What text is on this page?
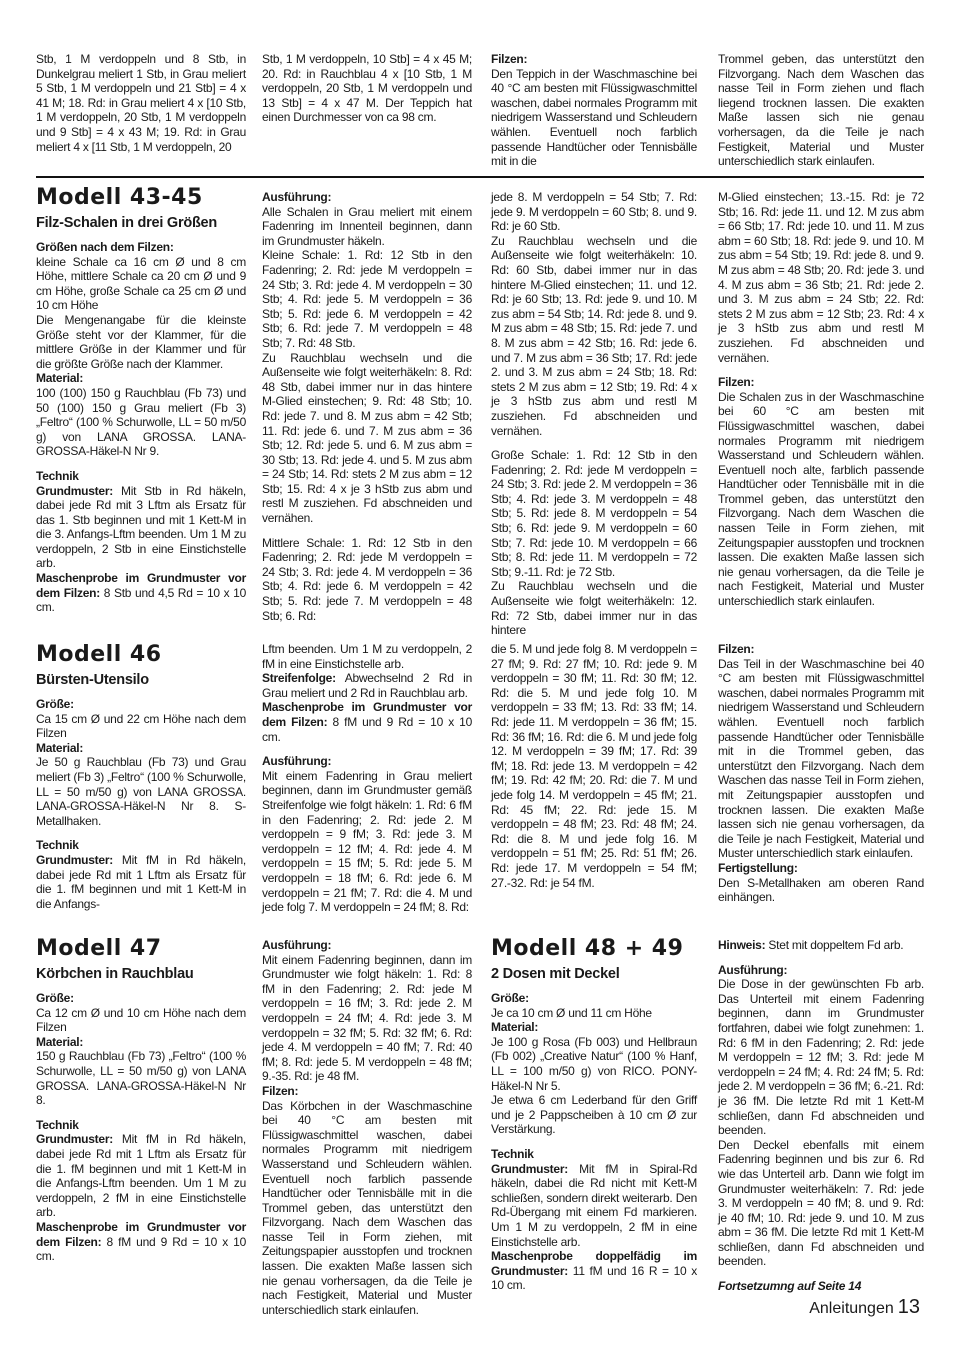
Stb, 1 M verdoppeln und 8 Stb, in Dunkelgrau meliert 1 Stb, in Grau meliert 5 Stb, 1 M verdoppeln und 21 Stb] = 4 x 41 M; 18. Rd: in Grau meliert 4 x [10 Stb, 1 M verdoppeln, 20 Stb, 1 M verdoppeln und 9 Stb] = 4 x 43 M; 19. Rd: in Grau meliert 4 x [11 Stb, 1 M verdoppeln, 20

Stb, 1 M verdoppeln, 10 Stb] = 4 x 45 M; 20. Rd: in Rauchblau 4 x [10 Stb, 1 M verdoppeln, 20 Stb, 1 M verdoppeln und 13 Stb] = 4 x 47 M. Der Teppich hat einen Durchmesser von ca 98 cm.

Filzen:

Den Teppich in der Waschmaschine bei 40 °C am besten mit Flüssigwaschmittel waschen, dabei normales Programm mit niedrigem Wasserstand und Schleudern wählen. Eventuell noch farblich passende Handtücher oder Tennisbälle mit in die

Trommel geben, das unterstützt den Filzvorgang. Nach dem Waschen das nasse Teil in Form ziehen und flach liegend trocknen lassen. Die exakten Maße lassen sich nie genau vorhersagen, da die Teile je nach Festigkeit, Material und Muster unterschiedlich stark einlaufen.

Modell 43-45
Filz-Schalen in drei Größen

Größen nach dem Filzen:

kleine Schale ca 16 cm Ø und 8 cm Höhe, mittlere Schale ca 20 cm Ø und 9 cm Höhe, große Schale ca 25 cm Ø und 10 cm Höhe

Die Mengenangabe für die kleinste Größe steht vor der Klammer, für die mittlere Größe in der Klammer und für die größte Größe nach der Klammer.

Material:

100 (100) 150 g Rauchblau (Fb 73) und 50 (100) 150 g Grau meliert (Fb 3) „Feltro“ (100 % Schurwolle, LL = 50 m/50 g) von LANA GROSSA. LANA-GROSSA-Häkel-N Nr 9.

Technik

Grundmuster: Mit Stb in Rd häkeln, dabei jede Rd mit 3 Lftm als Ersatz für das 1. Stb beginnen und mit 1 Kett-M in die 3. Anfangs-Lftm beenden. Um 1 M zu verdoppeln, 2 Stb in eine Einstichstelle arb.

Maschenprobe im Grundmuster vor dem Filzen: 8 Stb und 4,5 Rd = 10 x 10 cm.

Ausführung:

Alle Schalen in Grau meliert mit einem Fadenring im Innenteil beginnen, dann im Grundmuster häkeln.

Kleine Schale: 1. Rd: 12 Stb in den Fadenring; 2. Rd: jede M verdoppeln = 24 Stb; 3. Rd: jede 4. M verdoppeln = 30 Stb; 4. Rd: jede 5. M verdoppeln = 36 Stb; 5. Rd: jede 6. M verdoppeln = 42 Stb; 6. Rd: jede 7. M verdoppeln = 48 Stb; 7. Rd: 48 Stb.

Zu Rauchblau wechseln und die Außenseite wie folgt weiterhäkeln: 8. Rd: 48 Stb, dabei immer nur in das hintere M-Glied einstechen; 9. Rd: 48 Stb; 10. Rd: jede 7. und 8. M zus abm = 42 Stb; 11. Rd: jede 6. und 7. M zus abm = 36 Stb; 12. Rd: jede 5. und 6. M zus abm = 30 Stb; 13. Rd: jede 4. und 5. M zus abm = 24 Stb; 14. Rd: stets 2 M zus abm = 12 Stb; 15. Rd: 4 x je 3 hStb zus abm und restl M zusziehen. Fd abschneiden und vernähen.

Mittlere Schale: 1. Rd: 12 Stb in den Fadenring; 2. Rd: jede M verdoppeln = 24 Stb; 3. Rd: jede 4. M verdoppeln = 36 Stb; 4. Rd: jede 6. M verdoppeln = 42 Stb; 5. Rd: jede 7. M verdoppeln = 48 Stb; 6. Rd:

jede 8. M verdoppeln = 54 Stb; 7. Rd: jede 9. M verdoppeln = 60 Stb; 8. und 9. Rd: je 60 Stb.

Zu Rauchblau wechseln und die Außenseite wie folgt weiterhäkeln: 10. Rd: 60 Stb, dabei immer nur in das hintere M-Glied einstechen; 11. und 12. Rd: je 60 Stb; 13. Rd: jede 9. und 10. M zus abm = 54 Stb; 14. Rd: jede 8. und 9. M zus abm = 48 Stb; 15. Rd: jede 7. und 8. M zus abm = 42 Stb; 16. Rd: jede 6. und 7. M zus abm = 36 Stb; 17. Rd: jede 2. und 3. M zus abm = 24 Stb; 18. Rd: stets 2 M zus abm = 12 Stb; 19. Rd: 4 x je 3 hStb zus abm und restl M zusziehen. Fd abschneiden und vernähen.

Große Schale: 1. Rd: 12 Stb in den Fadenring; 2. Rd: jede M verdoppeln = 24 Stb; 3. Rd: jede 2. M verdoppeln = 36 Stb; 4. Rd: jede 3. M verdoppeln = 48 Stb; 5. Rd: jede 8. M verdoppeln = 54 Stb; 6. Rd: jede 9. M verdoppeln = 60 Stb; 7. Rd: jede 10. M verdoppeln = 66 Stb; 8. Rd: jede 11. M verdoppeln = 72 Stb; 9.-11. Rd: je 72 Stb.

Zu Rauchblau wechseln und die Außenseite wie folgt weiterhäkeln: 12. Rd: 72 Stb, dabei immer nur in das hintere

M-Glied einstechen; 13.-15. Rd: je 72 Stb; 16. Rd: jede 11. und 12. M zus abm = 66 Stb; 17. Rd: jede 10. und 11. M zus abm = 60 Stb; 18. Rd: jede 9. und 10. M zus abm = 54 Stb; 19. Rd: jede 8. und 9. M zus abm = 48 Stb; 20. Rd: jede 3. und 4. M zus abm = 36 Stb; 21. Rd: jede 2. und 3. M zus abm = 24 Stb; 22. Rd: stets 2 M zus abm = 12 Stb; 23. Rd: 4 x je 3 hStb zus abm und restl M zusziehen. Fd abschneiden und vernähen.

Filzen:

Die Schalen zus in der Waschmaschine bei 60 °C am besten mit Flüssigwaschmittel waschen, dabei normales Programm mit niedrigem Wasserstand und Schleudern wählen. Eventuell noch alte, farblich passende Handtücher oder Tennisbälle mit in die Trommel geben, das unterstützt den Filzvorgang. Nach dem Waschen die nassen Teile in Form ziehen, mit Zeitungspapier ausstopfen und trocknen lassen. Die exakten Maße lassen sich nie genau vorhersagen, da die Teile je nach Festigkeit, Material und Muster unterschiedlich stark einlaufen.

Modell 46
Bürsten-Utensilo

Größe:

Ca 15 cm Ø und 22 cm Höhe nach dem Filzen

Material:

Je 50 g Rauchblau (Fb 73) und Grau meliert (Fb 3) „Feltro“ (100 % Schurwolle, LL = 50 m/50 g) von LANA GROSSA. LANA-GROSSA-Häkel-N Nr 8. S-Metallhaken.

Technik

Grundmuster: Mit fM in Rd häkeln, dabei jede Rd mit 1 Lftm als Ersatz für die 1. fM beginnen und mit 1 Kett-M in die Anfangs-

Lftm beenden. Um 1 M zu verdoppeln, 2 fM in eine Einstichstelle arb.

Streifenfolge: Abwechselnd 2 Rd in Grau meliert und 2 Rd in Rauchblau arb.

Maschenprobe im Grundmuster vor dem Filzen: 8 fM und 9 Rd = 10 x 10 cm.

Ausführung:

Mit einem Fadenring in Grau meliert beginnen, dann im Grundmuster gemäß Streifenfolge wie folgt häkeln: 1. Rd: 6 fM in den Fadenring; 2. Rd: jede 2. M verdoppeln = 9 fM; 3. Rd: jede 3. M verdoppeln = 12 fM; 4. Rd: jede 4. M verdoppeln = 15 fM; 5. Rd: jede 5. M verdoppeln = 18 fM; 6. Rd: jede 6. M verdoppeln = 21 fM; 7. Rd: die 4. M und jede folg 7. M verdoppeln = 24 fM; 8. Rd:

die 5. M und jede folg 8. M verdoppeln = 27 fM; 9. Rd: 27 fM; 10. Rd: jede 9. M verdoppeln = 30 fM; 11. Rd: 30 fM; 12. Rd: die 5. M und jede folg 10. M verdoppeln = 33 fM; 13. Rd: 33 fM; 14. Rd: jede 11. M verdoppeln = 36 fM; 15. Rd: 36 fM; 16. Rd: die 6. M und jede folg 12. M verdoppeln = 39 fM; 17. Rd: 39 fM; 18. Rd: jede 13. M verdoppeln = 42 fM; 19. Rd: 42 fM; 20. Rd: die 7. M und jede folg 14. M verdoppeln = 45 fM; 21. Rd: 45 fM; 22. Rd: jede 15. M verdoppeln = 48 fM; 23. Rd: 48 fM; 24. Rd: die 8. M und jede folg 16. M verdoppeln = 51 fM; 25. Rd: 51 fM; 26. Rd: jede 17. M verdoppeln = 54 fM; 27.-32. Rd: je 54 fM.

Filzen:

Das Teil in der Waschmaschine bei 40 °C am besten mit Flüssigwaschmittel waschen, dabei normales Programm mit niedrigem Wasserstand und Schleudern wählen. Eventuell noch farblich passende Handtücher oder Tennisbälle mit in die Trommel geben, das unterstützt den Filzvorgang. Nach dem Waschen das nasse Teil in Form ziehen, mit Zeitungspapier ausstopfen und trocknen lassen. Die exakten Maße lassen sich nie genau vorhersagen, da die Teile je nach Festigkeit, Material und Muster unterschiedlich stark einlaufen.

Fertigstellung:

Den S-Metallhaken am oberen Rand einhängen.

Modell 47
Körbchen in Rauchblau

Größe:

Ca 12 cm Ø und 10 cm Höhe nach dem Filzen

Material:

150 g Rauchblau (Fb 73) „Feltro“ (100 % Schurwolle, LL = 50 m/50 g) von LANA GROSSA. LANA-GROSSA-Häkel-N Nr 8.

Technik

Grundmuster: Mit fM in Rd häkeln, dabei jede Rd mit 1 Lftm als Ersatz für die 1. fM beginnen und mit 1 Kett-M in die Anfangs-Lftm beenden. Um 1 M zu verdoppeln, 2 fM in eine Einstichstelle arb.

Maschenprobe im Grundmuster vor dem Filzen: 8 fM und 9 Rd = 10 x 10 cm.

Ausführung:

Mit einem Fadenring beginnen, dann im Grundmuster wie folgt häkeln: 1. Rd: 8 fM in den Fadenring; 2. Rd: jede M verdoppeln = 16 fM; 3. Rd: jede 2. M verdoppeln = 24 fM; 4. Rd: jede 3. M verdoppeln = 32 fM; 5. Rd: 32 fM; 6. Rd: jede 4. M verdoppeln = 40 fM; 7. Rd: 40 fM; 8. Rd: jede 5. M verdoppeln = 48 fM; 9.-35. Rd: je 48 fM.

Filzen:

Das Körbchen in der Waschmaschine bei 40 °C am besten mit Flüssigwaschmittel waschen, dabei normales Programm mit niedrigem Wasserstand und Schleudern wählen. Eventuell noch farblich passende Handtücher oder Tennisbälle mit in die Trommel geben, das unterstützt den Filzvorgang. Nach dem Waschen das nasse Teil in Form ziehen, mit Zeitungspapier ausstopfen und trocknen lassen. Die exakten Maße lassen sich nie genau vorhersagen, da die Teile je nach Festigkeit, Material und Muster unterschiedlich stark einlaufen.

Modell 48 + 49
2 Dosen mit Deckel

Größe:

Je ca 10 cm Ø und 11 cm Höhe

Material:

Je 100 g Rosa (Fb 003) und Hellbraun (Fb 002) „Creative Natur“ (100 % Hanf, LL = 100 m/50 g) von RICO. PONY-Häkel-N Nr 5.

Je etwa 6 cm Lederband für den Griff und je 2 Pappscheiben à 10 cm Ø zur Verstärkung.

Technik

Grundmuster: Mit fM in Spiral-Rd häkeln, dabei die Rd nicht mit Kett-M schließen, sondern direkt weiterarb. Den Rd-Übergang mit einem Fd markieren. Um 1 M zu verdoppeln, 2 fM in eine Einstichstelle arb.

Maschenprobe doppelfädig im Grundmuster: 11 fM und 16 R = 10 x 10 cm.

Hinweis: Stet mit doppeltem Fd arb.

Ausführung:

Die Dose in der gewünschten Fb arb. Das Unterteil mit einem Fadenring beginnen, dann im Grundmuster fortfahren, dabei wie folgt zunehmen: 1. Rd: 6 fM in den Fadenring; 2. Rd: jede M verdoppeln = 12 fM; 3. Rd: jede M verdoppeln = 24 fM; 4. Rd: 24 fM; 5. Rd: jede 2. M verdoppeln = 36 fM; 6.-21. Rd: je 36 fM. Die letzte Rd mit 1 Kett-M schließen, dann Fd abschneiden und beenden.

Den Deckel ebenfalls mit einem Fadenring beginnen und bis zur 6. Rd wie das Unterteil arb. Dann wie folgt im Grundmuster weiterhäkeln: 7. Rd: jede 3. M verdoppeln = 40 fM; 8. und 9. Rd: je 40 fM; 10. Rd: jede 9. und 10. M zus abm = 36 fM. Die letzte Rd mit 1 Kett-M schließen, dann Fd abschneiden und beenden.

Fortsetzumng auf Seite 14

Anleitungen 13
